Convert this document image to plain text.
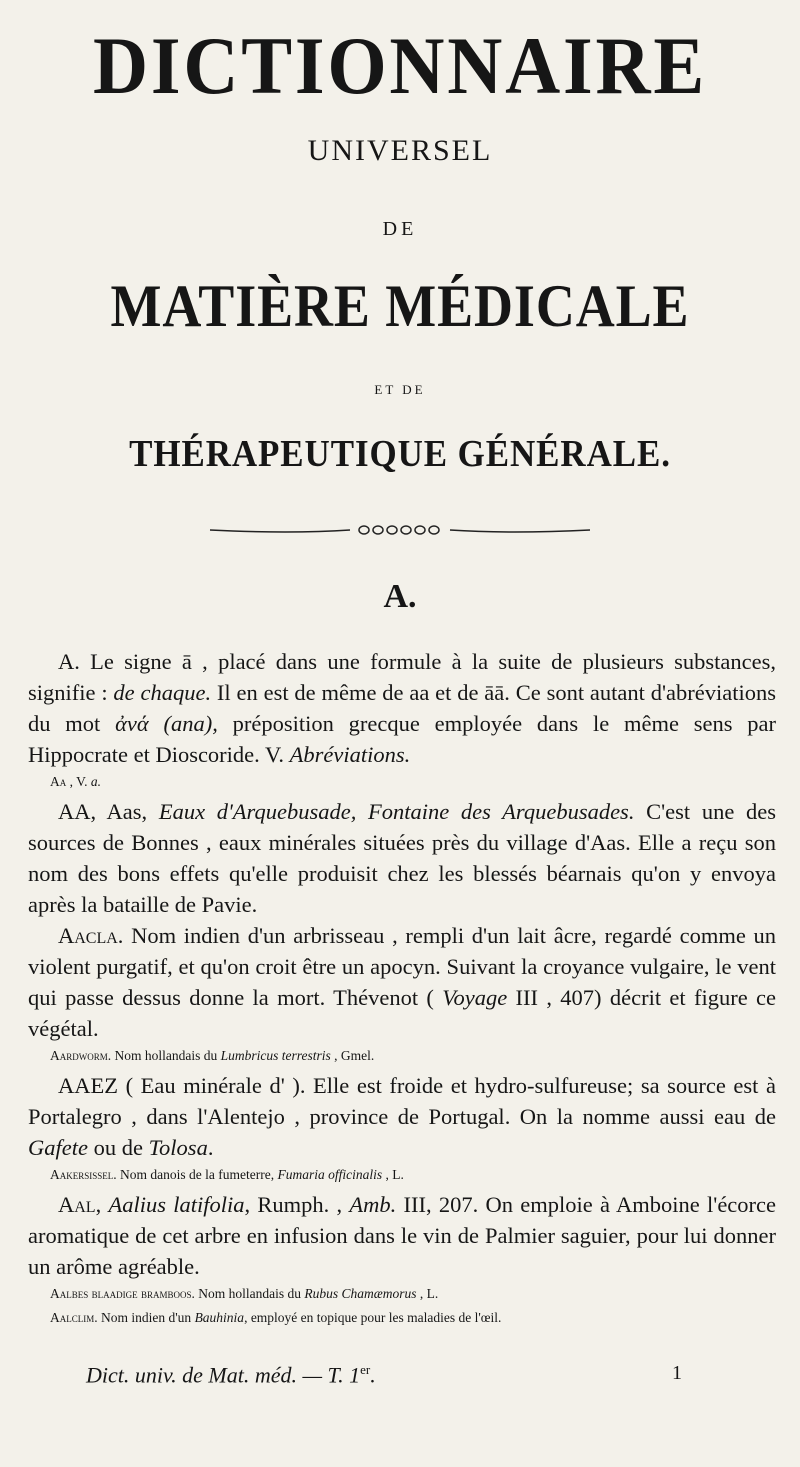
DICTIONNAIRE
UNIVERSEL
DE
MATIÈRE MÉDICALE
ET DE
THÉRAPEUTIQUE GÉNÉRALE.
A.

A. Le signe ā , placé dans une formule à la suite de plusieurs substances, signifie : de chaque. Il en est de même de aa et de āā. Ce sont autant d'abréviations du mot ἀνά (ana), préposition grecque employée dans le même sens par Hippocrate et Dioscoride. V. Abréviations.

Aa , V. a.

AA, Aas, Eaux d'Arquebusade, Fontaine des Arquebusades. C'est une des sources de Bonnes , eaux minérales situées près du village d'Aas. Elle a reçu son nom des bons effets qu'elle produisit chez les blessés béarnais qu'on y envoya après la bataille de Pavie.

Aacla. Nom indien d'un arbrisseau , rempli d'un lait âcre, regardé comme un violent purgatif, et qu'on croit être un apocyn. Suivant la croyance vulgaire, le vent qui passe dessus donne la mort. Thévenot ( Voyage III , 407) décrit et figure ce végétal.

Aardworm. Nom hollandais du Lumbricus terrestris , Gmel.

AAEZ ( Eau minérale d' ). Elle est froide et hydro-sulfureuse; sa source est à Portalegro , dans l'Alentejo , province de Portugal. On la nomme aussi eau de Gafete ou de Tolosa.

Aakersissel. Nom danois de la fumeterre, Fumaria officinalis , L.

Aal, Aalius latifolia, Rumph. , Amb. III, 207. On emploie à Amboine l'écorce aromatique de cet arbre en infusion dans le vin de Palmier saguier, pour lui donner un arôme agréable.

Aalbes blaadige bramboos. Nom hollandais du Rubus Chamæmorus , L.

Aalclim. Nom indien d'un Bauhinia, employé en topique pour les maladies de l'œil.

Dict. univ. de Mat. méd. — T. 1er.	1
